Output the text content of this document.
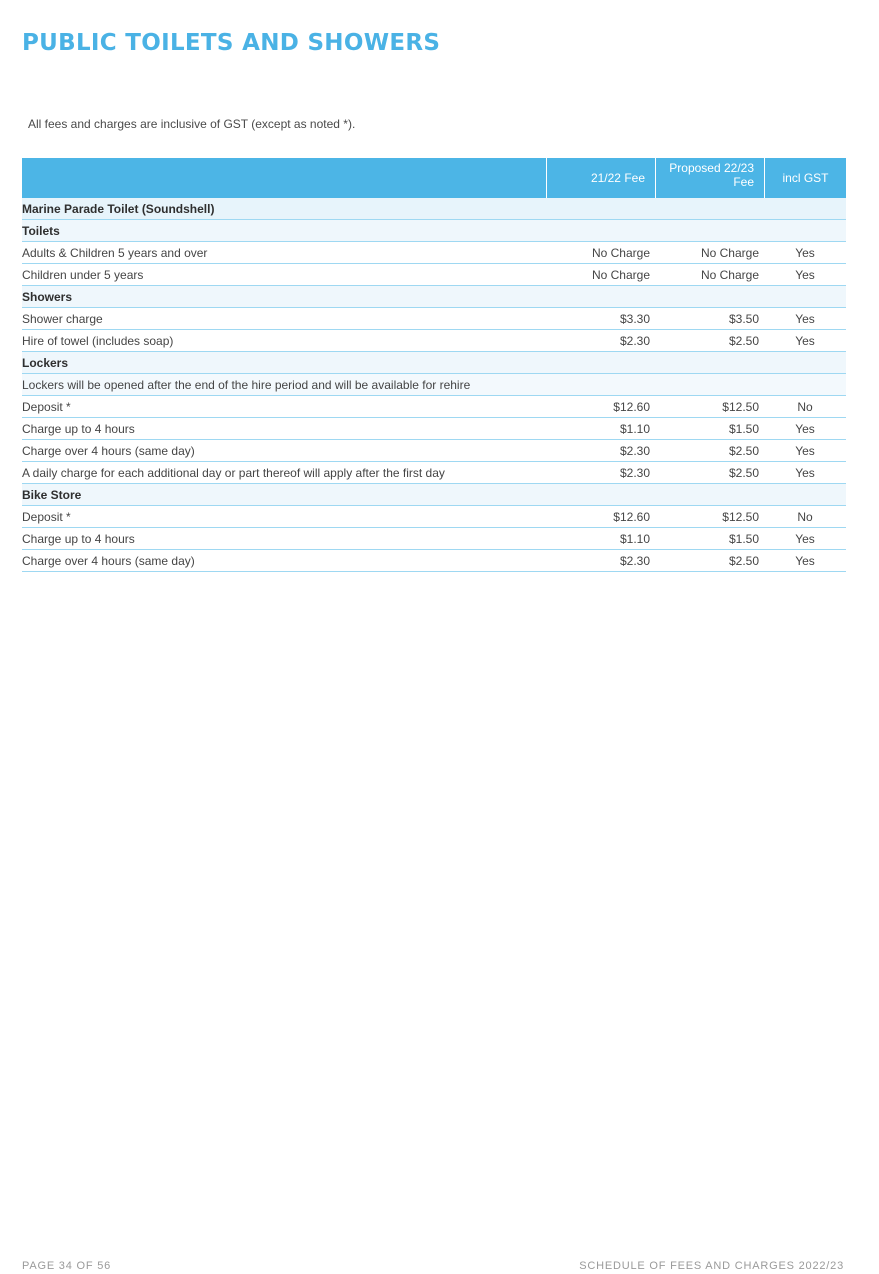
PUBLIC TOILETS AND SHOWERS
All fees and charges are inclusive of GST (except as noted *).
	21/22 Fee	Proposed 22/23 Fee	incl GST
Marine Parade Toilet (Soundshell)			
Toilets			
Adults & Children 5 years and over	No Charge	No Charge	Yes
Children under 5 years	No Charge	No Charge	Yes
Showers			
Shower charge	$3.30	$3.50	Yes
Hire of towel (includes soap)	$2.30	$2.50	Yes
Lockers			
Lockers will be opened after the end of the hire period and will be available for rehire			
Deposit *	$12.60	$12.50	No
Charge up to 4 hours	$1.10	$1.50	Yes
Charge over 4 hours (same day)	$2.30	$2.50	Yes
A daily charge for each additional day or part thereof will apply after the first day	$2.30	$2.50	Yes
Bike Store			
Deposit *	$12.60	$12.50	No
Charge up to 4 hours	$1.10	$1.50	Yes
Charge over 4 hours (same day)	$2.30	$2.50	Yes
PAGE 34 OF 56	SCHEDULE OF FEES AND CHARGES 2022/23
